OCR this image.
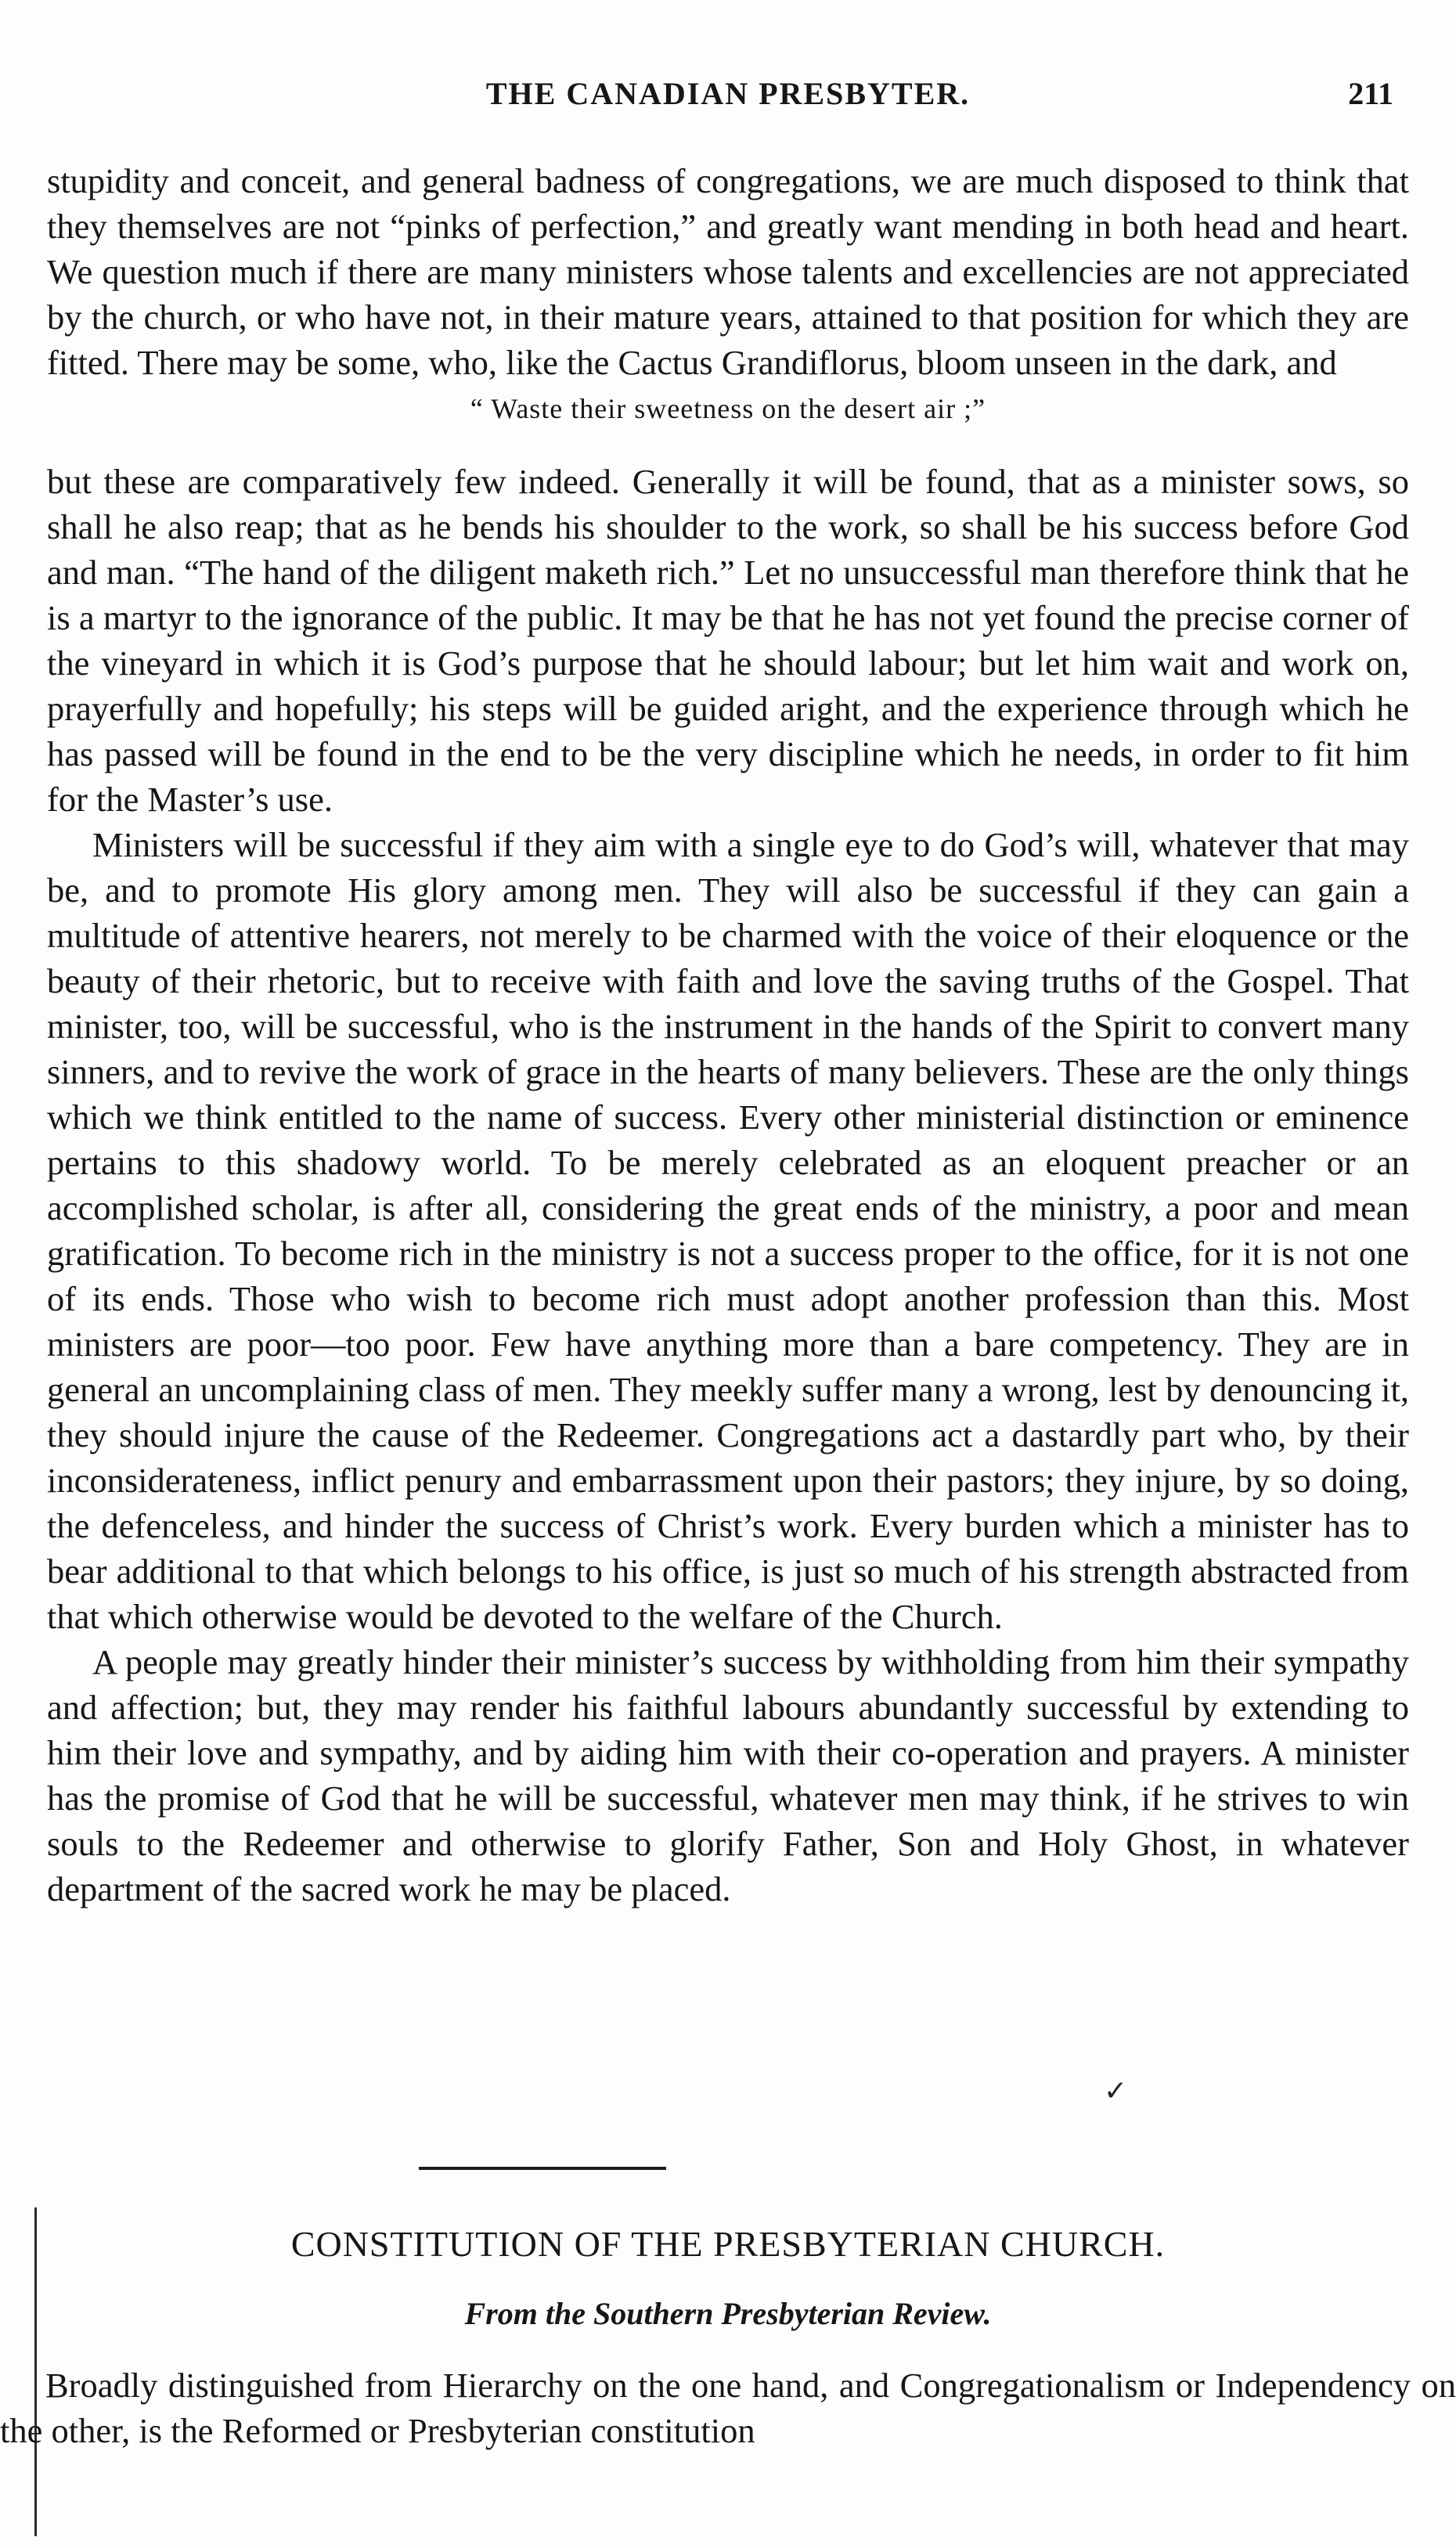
THE CANADIAN PRESBYTER.	211

stupidity and conceit, and general badness of congregations, we are much disposed to think that they themselves are not “pinks of perfection,” and greatly want mending in both head and heart. We question much if there are many ministers whose talents and excellencies are not appreciated by the church, or who have not, in their mature years, attained to that position for which they are fitted. There may be some, who, like the Cactus Grandiflorus, bloom unseen in the dark, and

“ Waste their sweetness on the desert air ;”

but these are comparatively few indeed. Generally it will be found, that as a minister sows, so shall he also reap; that as he bends his shoulder to the work, so shall be his success before God and man. “The hand of the diligent maketh rich.” Let no unsuccessful man therefore think that he is a martyr to the ignorance of the public. It may be that he has not yet found the precise corner of the vineyard in which it is God’s purpose that he should labour; but let him wait and work on, prayerfully and hopefully; his steps will be guided aright, and the experience through which he has passed will be found in the end to be the very discipline which he needs, in order to fit him for the Master’s use.

Ministers will be successful if they aim with a single eye to do God’s will, whatever that may be, and to promote His glory among men. They will also be successful if they can gain a multitude of attentive hearers, not merely to be charmed with the voice of their eloquence or the beauty of their rhetoric, but to receive with faith and love the saving truths of the Gospel. That minister, too, will be successful, who is the instrument in the hands of the Spirit to convert many sinners, and to revive the work of grace in the hearts of many believers. These are the only things which we think entitled to the name of success. Every other ministerial distinction or eminence pertains to this shadowy world. To be merely celebrated as an eloquent preacher or an accomplished scholar, is after all, considering the great ends of the ministry, a poor and mean gratification. To become rich in the ministry is not a success proper to the office, for it is not one of its ends. Those who wish to become rich must adopt another profession than this. Most ministers are poor—too poor. Few have anything more than a bare competency. They are in general an uncomplaining class of men. They meekly suffer many a wrong, lest by denouncing it, they should injure the cause of the Redeemer. Congregations act a dastardly part who, by their inconsiderateness, inflict penury and embarrassment upon their pastors; they injure, by so doing, the defenceless, and hinder the success of Christ’s work. Every burden which a minister has to bear additional to that which belongs to his office, is just so much of his strength abstracted from that which otherwise would be devoted to the welfare of the Church.

A people may greatly hinder their minister’s success by withholding from him their sympathy and affection; but, they may render his faithful labours abundantly successful by extending to him their love and sympathy, and by aiding him with their co-operation and prayers. A minister has the promise of God that he will be successful, whatever men may think, if he strives to win souls to the Redeemer and otherwise to glorify Father, Son and Holy Ghost, in whatever department of the sacred work he may be placed.

✓
CONSTITUTION OF THE PRESBYTERIAN CHURCH.
From the Southern Presbyterian Review.

Broadly distinguished from Hierarchy on the one hand, and Congregationalism or Independency on the other, is the Reformed or Presbyterian constitution
